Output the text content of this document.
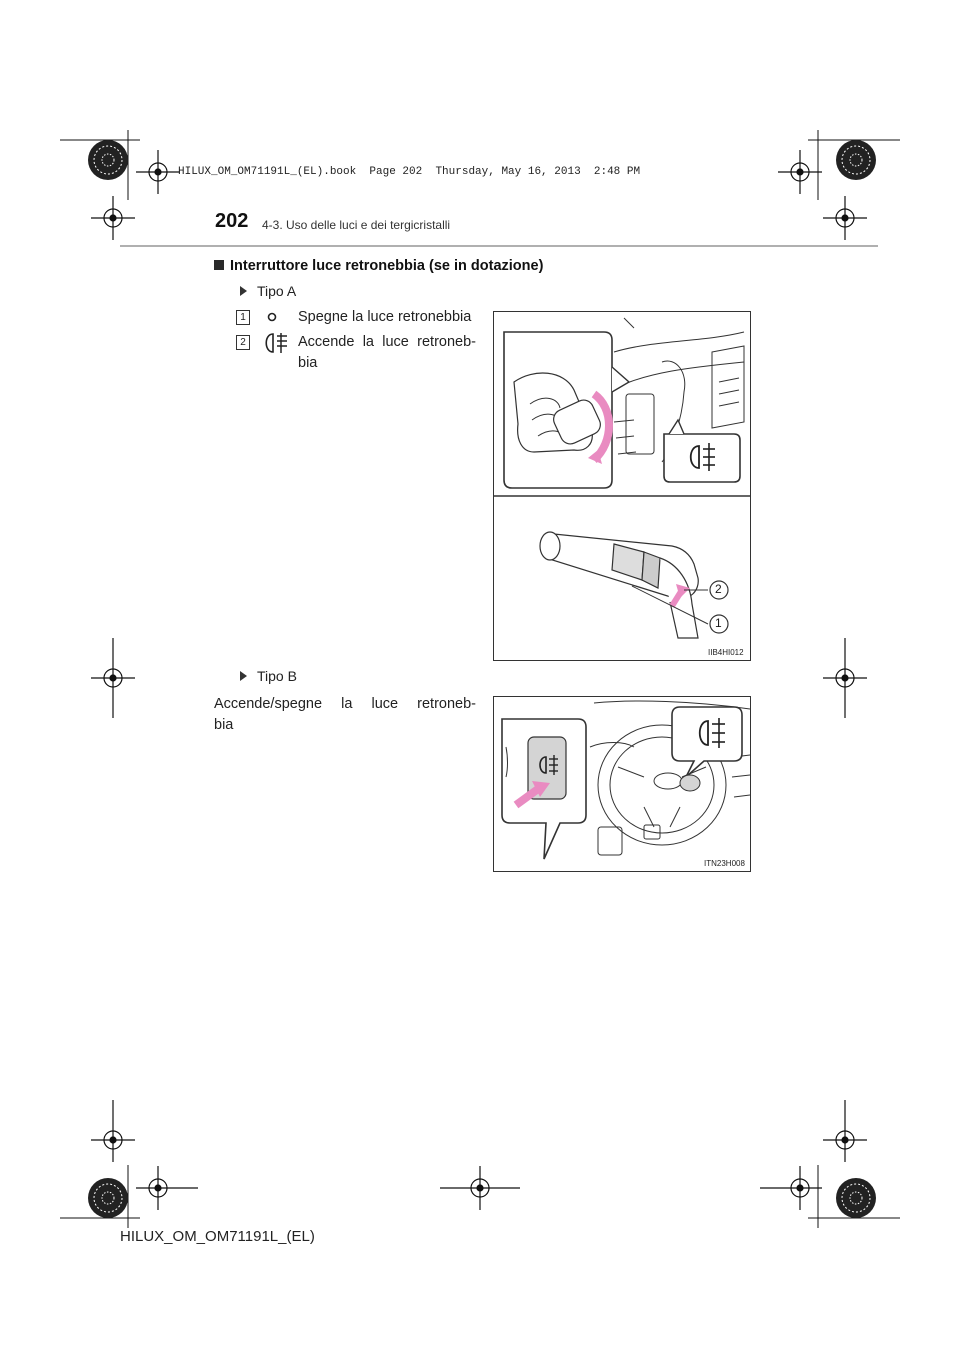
HILUX_OM_OM71191L_(EL).book  Page 202  Thursday, May 16, 2013  2:48 PM
202 4-3. Uso delle luci e dei tergicristalli
Interruttore luce retronebbia (se in dotazione)
Tipo A
1	Spegne la luce retronebbia
2	Accende la luce retroneb-
bia
2
1
IIB4HI012
Tipo B
Accende/spegne la luce retroneb-
bia
ITN23H008
HILUX_OM_OM71191L_(EL)
